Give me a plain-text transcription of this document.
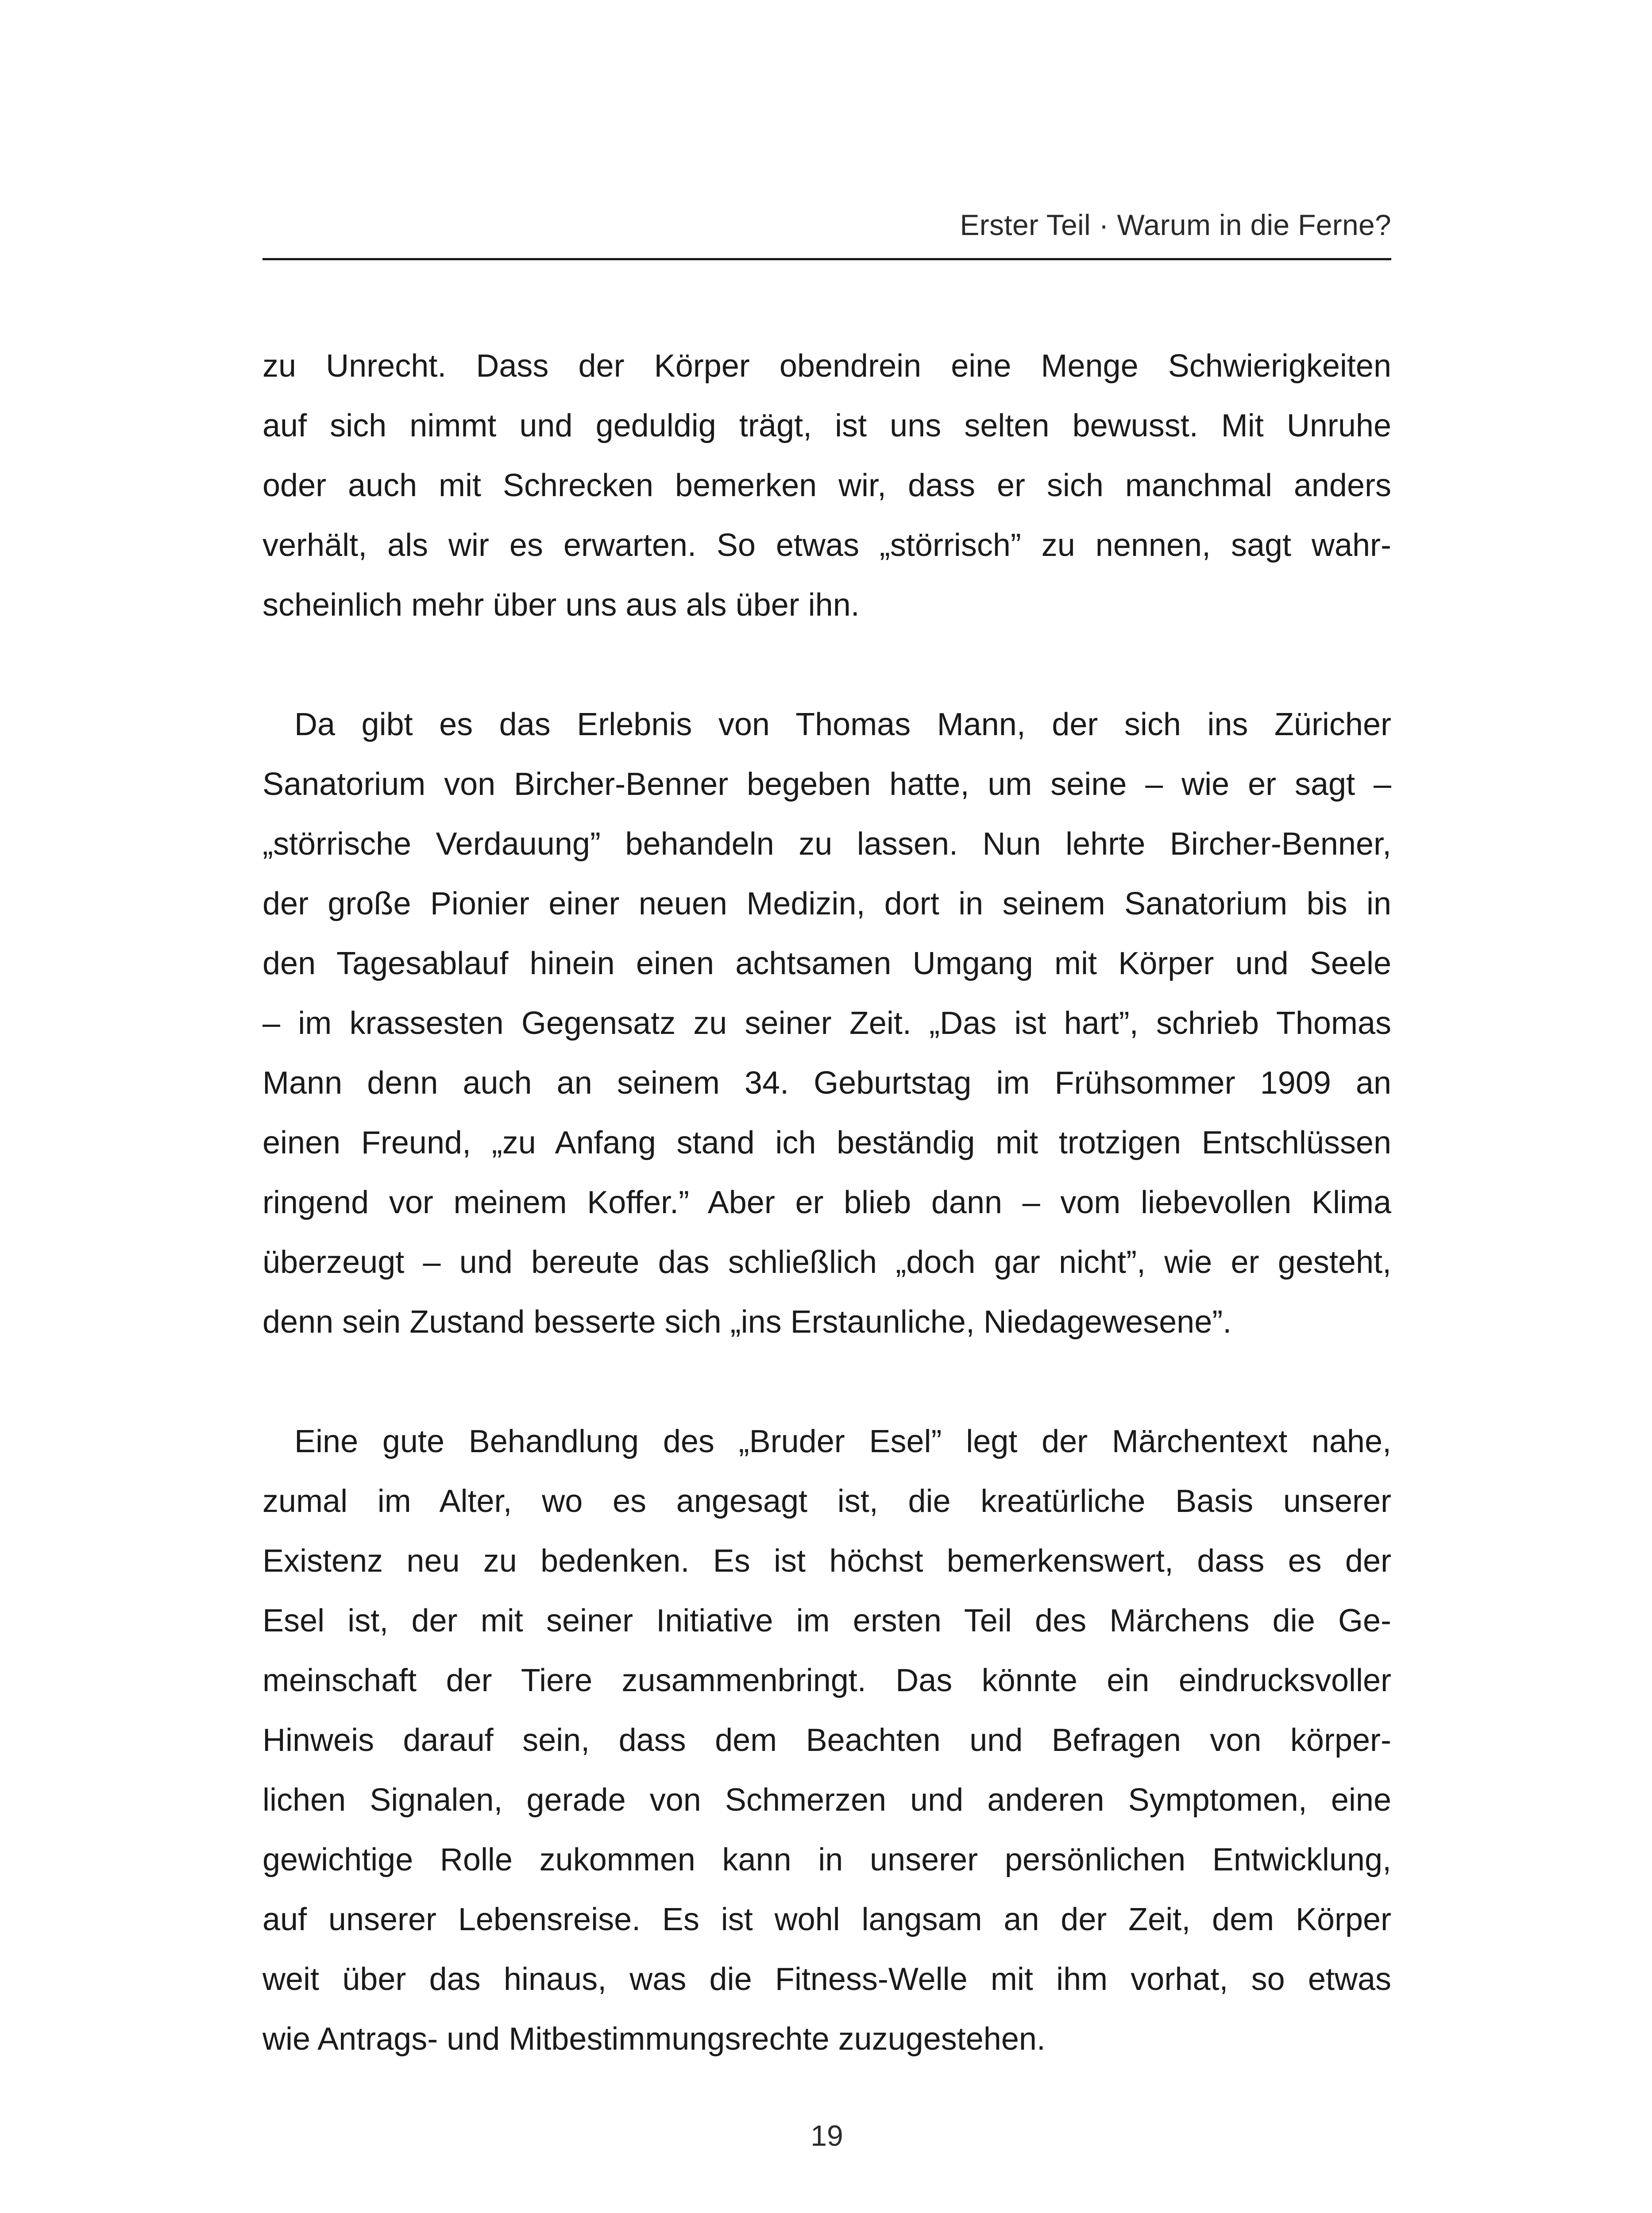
Erster Teil · Warum in die Ferne?
zu Unrecht. Dass der Körper obendrein eine Menge Schwierigkeiten
auf sich nimmt und geduldig trägt, ist uns selten bewusst. Mit Unruhe
oder auch mit Schrecken bemerken wir, dass er sich manchmal anders
verhält, als wir es erwarten. So etwas „störrisch” zu nennen, sagt wahr-
scheinlich mehr über uns aus als über ihn.
Da gibt es das Erlebnis von Thomas Mann, der sich ins Züricher
Sanatorium von Bircher-Benner begeben hatte, um seine – wie er sagt –
„störrische Verdauung” behandeln zu lassen. Nun lehrte Bircher-Benner,
der große Pionier einer neuen Medizin, dort in seinem Sanatorium bis in
den Tagesablauf hinein einen achtsamen Umgang mit Körper und Seele
– im krassesten Gegensatz zu seiner Zeit. „Das ist hart”, schrieb Thomas
Mann denn auch an seinem 34. Geburtstag im Frühsommer 1909 an
einen Freund, „zu Anfang stand ich beständig mit trotzigen Entschlüssen
ringend vor meinem Koffer.” Aber er blieb dann – vom liebevollen Klima
überzeugt – und bereute das schließlich „doch gar nicht”, wie er gesteht,
denn sein Zustand besserte sich „ins Erstaunliche, Niedagewesene”.
Eine gute Behandlung des „Bruder Esel” legt der Märchentext nahe,
zumal im Alter, wo es angesagt ist, die kreatürliche Basis unserer
Existenz neu zu bedenken. Es ist höchst bemerkenswert, dass es der
Esel ist, der mit seiner Initiative im ersten Teil des Märchens die Ge-
meinschaft der Tiere zusammenbringt. Das könnte ein eindrucksvoller
Hinweis darauf sein, dass dem Beachten und Befragen von körper-
lichen Signalen, gerade von Schmerzen und anderen Symptomen, eine
gewichtige Rolle zukommen kann in unserer persönlichen Entwicklung,
auf unserer Lebensreise. Es ist wohl langsam an der Zeit, dem Körper
weit über das hinaus, was die Fitness-Welle mit ihm vorhat, so etwas
wie Antrags- und Mitbestimmungsrechte zuzugestehen.
19
